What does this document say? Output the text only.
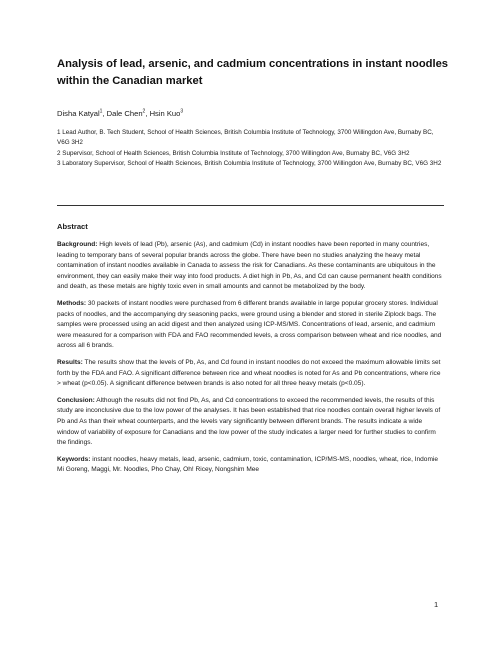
Analysis of lead, arsenic, and cadmium concentrations in instant noodles within the Canadian market
Disha Katyal$^1$, Dale Chen$^2$, Hsin Kuo$^3$

1 Lead Author, B. Tech Student, School of Health Sciences, British Columbia Institute of Technology, 3700 Willingdon Ave, Burnaby BC, V6G 3H2

2 Supervisor, School of Health Sciences, British Columbia Institute of Technology, 3700 Willingdon Ave, Burnaby BC, V6G 3H2

3 Laboratory Supervisor, School of Health Sciences, British Columbia Institute of Technology, 3700 Willingdon Ave, Burnaby BC, V6G 3H2

Abstract

Background: High levels of lead (Pb), arsenic (As), and cadmium (Cd) in instant noodles have been reported in many countries, leading to temporary bans of several popular brands across the globe. There have been no studies analyzing the heavy metal contamination of instant noodles available in Canada to assess the risk for Canadians. As these contaminants are ubiquitous in the environment, they can easily make their way into food products. A diet high in Pb, As, and Cd can cause permanent health conditions and death, as these metals are highly toxic even in small amounts and cannot be metabolized by the body.

Methods: 30 packets of instant noodles were purchased from 6 different brands available in large popular grocery stores. Individual packs of noodles, and the accompanying dry seasoning packs, were ground using a blender and stored in sterile Ziplock bags. The samples were processed using an acid digest and then analyzed using ICP-MS/MS. Concentrations of lead, arsenic, and cadmium were measured for a comparison with FDA and FAO recommended levels, a cross comparison between wheat and rice noodles, and across all 6 brands.

Results: The results show that the levels of Pb, As, and Cd found in instant noodles do not exceed the maximum allowable limits set forth by the FDA and FAO. A significant difference between rice and wheat noodles is noted for As and Pb concentrations, where rice > wheat (p<0.05). A significant difference between brands is also noted for all three heavy metals (p<0.05).

Conclusion: Although the results did not find Pb, As, and Cd concentrations to exceed the recommended levels, the results of this study are inconclusive due to the low power of the analyses. It has been established that rice noodles contain overall higher levels of Pb and As than their wheat counterparts, and the levels vary significantly between different brands. The results indicate a wide window of variability of exposure for Canadians and the low power of the study indicates a larger need for further studies to confirm the findings.

Keywords: instant noodles, heavy metals, lead, arsenic, cadmium, toxic, contamination, ICP/MS-MS, noodles, wheat, rice, Indomie Mi Goreng, Maggi, Mr. Noodles, Pho Chay, Oh! Ricey, Nongshim Mee

1
